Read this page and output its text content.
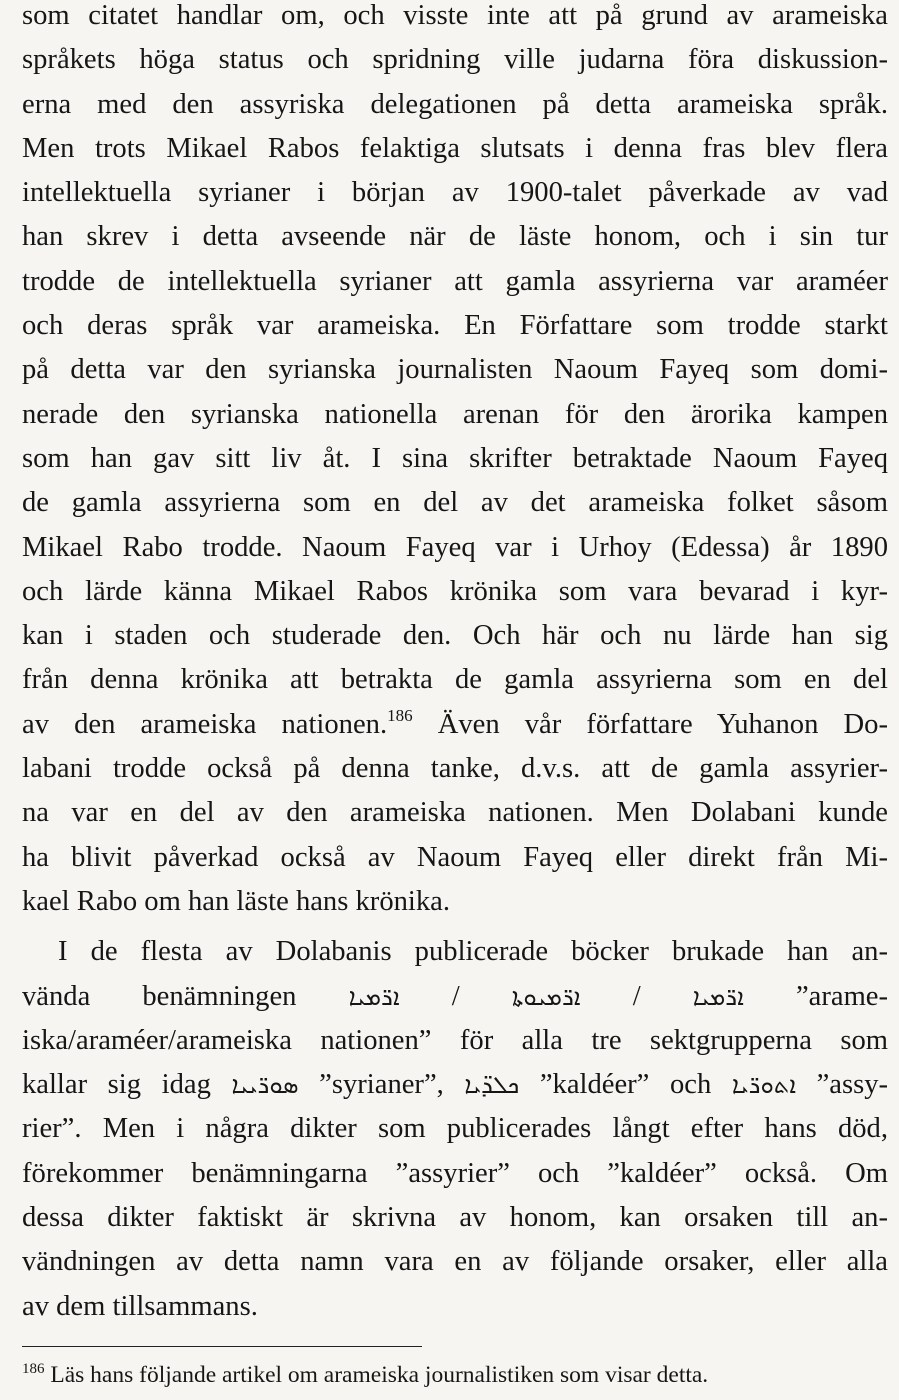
som citatet handlar om, och visste inte att på grund av arameiska
språkets höga status och spridning ville judarna föra diskussion-
erna med den assyriska delegationen på detta arameiska språk.
Men trots Mikael Rabos felaktiga slutsats i denna fras blev flera
intellektuella syrianer i början av 1900-talet påverkade av vad
han skrev i detta avseende när de läste honom, och i sin tur
trodde de intellektuella syrianer att gamla assyrierna var araméer
och deras språk var arameiska. En Författare som trodde starkt
på detta var den syrianska journalisten Naoum Fayeq som domi-
nerade den syrianska nationella arenan för den ärorika kampen
som han gav sitt liv åt. I sina skrifter betraktade Naoum Fayeq
de gamla assyrierna som en del av det arameiska folket såsom
Mikael Rabo trodde. Naoum Fayeq var i Urhoy (Edessa) år 1890
och lärde känna Mikael Rabos krönika som vara bevarad i kyr-
kan i staden och studerade den. Och här och nu lärde han sig
från denna krönika att betrakta de gamla assyrierna som en del
av den arameiska nationen.$^{186}$ Även vår författare Yuhanon Do-
labani trodde också på denna tanke, d.v.s. att de gamla assyrier-
na var en del av den arameiska nationen. Men Dolabani kunde
ha blivit påverkad också av Naoum Fayeq eller direkt från Mi-
kael Rabo om han läste hans krönika.
I de flesta av Dolabanis publicerade böcker brukade han an-
vända benämningen ܐܪ̈ܡܝܐ / ܐܪ̈ܡܝܘܬܐ / ܐܪ̈ܡܝܐ ”arame-
iska/araméer/arameiska nationen” för alla tre sektgrupperna som
kallar sig idag ܣܘܪ̈ܝܝܐ ”syrianer”, ܟܠܕ̈ܝܐ ”kaldéer” och ܐܬܘܪ̈ܝܐ ”assy-
rier”. Men i några dikter som publicerades långt efter hans död,
förekommer benämningarna ”assyrier” och ”kaldéer” också. Om
dessa dikter faktiskt är skrivna av honom, kan orsaken till an-
vändningen av detta namn vara en av följande orsaker, eller alla
av dem tillsammans.
$^{186}$ Läs hans följande artikel om arameiska journalistiken som visar detta.
